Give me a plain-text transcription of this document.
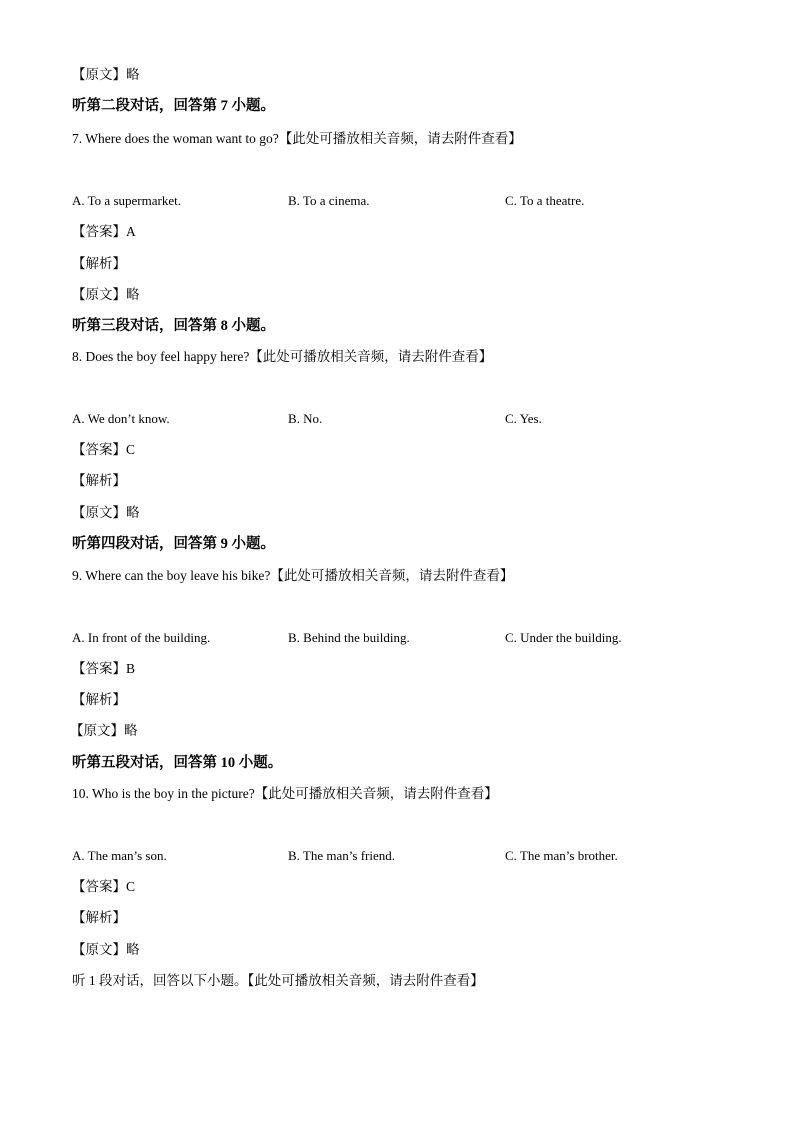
【原文】略
听第二段对话，回答第 7 小题。
7. Where does the woman want to go?【此处可播放相关音频，请去附件查看】
A. To a supermarket.	B. To a cinema.	C. To a theatre.
【答案】A
【解析】
【原文】略
听第三段对话，回答第 8 小题。
8. Does the boy feel happy here?【此处可播放相关音频，请去附件查看】
A. We don’t know.	B. No.	C. Yes.
【答案】C
【解析】
【原文】略
听第四段对话，回答第 9 小题。
9. Where can the boy leave his bike?【此处可播放相关音频，请去附件查看】
A. In front of the building.	B. Behind the building.	C. Under the building.
【答案】B
【解析】
【原文】略
听第五段对话，回答第 10 小题。
10. Who is the boy in the picture?【此处可播放相关音频，请去附件查看】
A. The man’s son.	B. The man’s friend.	C. The man’s brother.
【答案】C
【解析】
【原文】略
听 1 段对话，回答以下小题。【此处可播放相关音频，请去附件查看】
